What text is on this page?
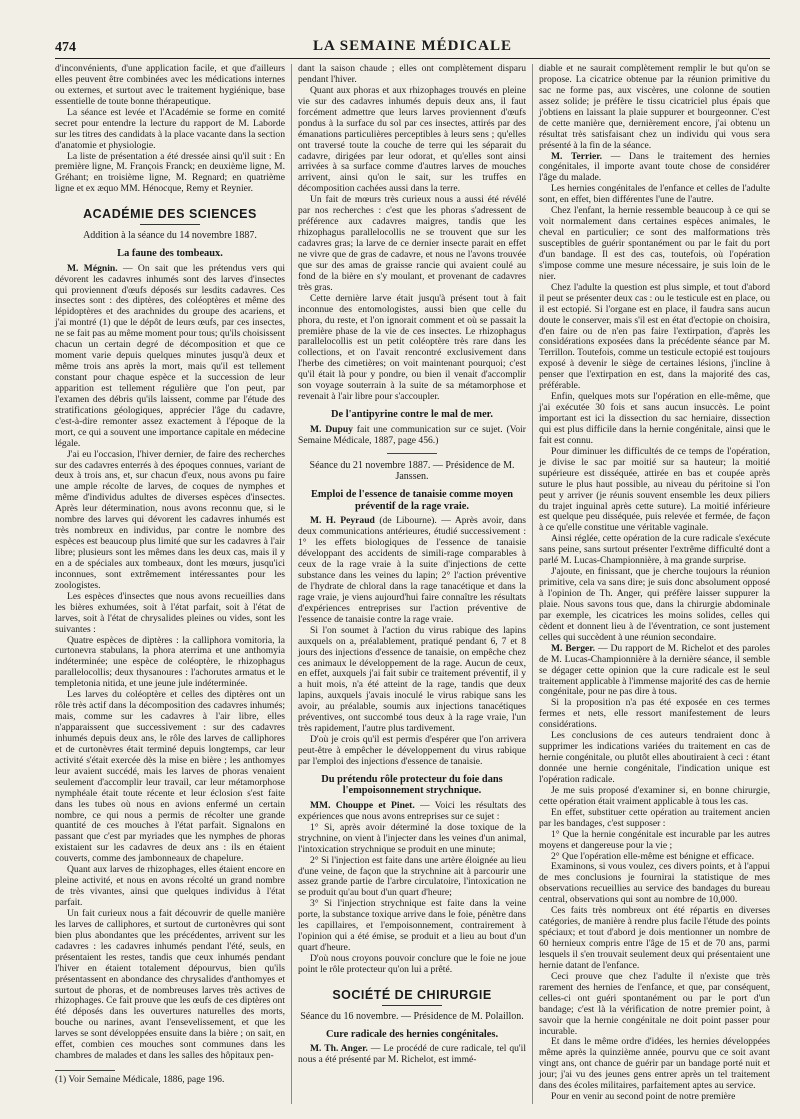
474	LA SEMAINE MÉDICALE

d'inconvénients, d'une application facile, et que d'ailleurs elles peuvent être combinées avec les médications internes ou externes, et surtout avec le traitement hygiénique, base essentielle de toute bonne thérapeutique.

La séance est levée et l'Académie se forme en comité secret pour entendre la lecture du rapport de M. Laborde sur les titres des candidats à la place vacante dans la section d'anatomie et physiologie.

La liste de présentation a été dressée ainsi qu'il suit : En première ligne, M. François Franck; en deuxième ligne, M. Gréhant; en troisième ligne, M. Regnard; en quatrième ligne et ex æquo MM. Hénocque, Remy et Reynier.

ACADÉMIE DES SCIENCES
Addition à la séance du 14 novembre 1887.
La faune des tombeaux.

M. Mégnin. — On sait que les prétendus vers qui dévorent les cadavres inhumés sont des larves d'insectes qui proviennent d'œufs déposés sur lesdits cadavres. Ces insectes sont : des diptères, des coléoptères et même des lépidoptères et des arachnides du groupe des acariens, et j'ai montré (1) que le dépôt de leurs œufs, par ces insectes, ne se fait pas au même moment pour tous; qu'ils choisissent chacun un certain degré de décomposition et que ce moment varie depuis quelques minutes jusqu'à deux et même trois ans après la mort, mais qu'il est tellement constant pour chaque espèce et la succession de leur apparition est tellement régulière que l'on peut, par l'examen des débris qu'ils laissent, comme par l'étude des stratifications géologiques, apprécier l'âge du cadavre, c'est-à-dire remonter assez exactement à l'époque de la mort, ce qui a souvent une importance capitale en médecine légale.

J'ai eu l'occasion, l'hiver dernier, de faire des recherches sur des cadavres enterrés à des époques connues, variant de deux à trois ans, et, sur chacun d'eux, nous avons pu faire une ample récolte de larves, de coques de nymphes et même d'individus adultes de diverses espèces d'insectes. Après leur détermination, nous avons reconnu que, si le nombre des larves qui dévorent les cadavres inhumés est très nombreux en individus, par contre le nombre des espèces est beaucoup plus limité que sur les cadavres à l'air libre; plusieurs sont les mêmes dans les deux cas, mais il y en a de spéciales aux tombeaux, dont les mœurs, jusqu'ici inconnues, sont extrêmement intéressantes pour les zoologistes.

Les espèces d'insectes que nous avons recueillies dans les bières exhumées, soit à l'état parfait, soit à l'état de larves, soit à l'état de chrysalides pleines ou vides, sont les suivantes :

Quatre espèces de diptères : la calliphora vomitoria, la curtonevra stabulans, la phora aterrima et une anthomyia indéterminée; une espèce de coléoptère, le rhizophagus parallelocollis; deux thysanoures : l'achorutes armatus et le templetonia nitida, et une jeune jule indéterminée.

Les larves du coléoptère et celles des diptères ont un rôle très actif dans la décomposition des cadavres inhumés; mais, comme sur les cadavres à l'air libre, elles n'apparaissent que successivement : sur des cadavres inhumés depuis deux ans, le rôle des larves de calliphores et de curtonèvres était terminé depuis longtemps, car leur activité s'était exercée dès la mise en bière ; les anthomyes leur avaient succédé, mais les larves de phoras venaient seulement d'accomplir leur travail, car leur métamorphose nymphéale était toute récente et leur éclosion s'est faite dans les tubes où nous en avions enfermé un certain nombre, ce qui nous a permis de récolter une grande quantité de ces mouches à l'état parfait. Signalons en passant que c'est par myriades que les nymphes de phoras existaient sur les cadavres de deux ans : ils en étaient couverts, comme des jambonneaux de chapelure.

Quant aux larves de rhizophages, elles étaient encore en pleine activité, et nous en avons récolté un grand nombre de très vivantes, ainsi que quelques individus à l'état parfait.

Un fait curieux nous a fait découvrir de quelle manière les larves de calliphores, et surtout de curtonèvres qui sont bien plus abondantes que les précédentes, arrivent sur les cadavres : les cadavres inhumés pendant l'été, seuls, en présentaient les restes, tandis que ceux inhumés pendant l'hiver en étaient totalement dépourvus, bien qu'ils présentassent en abondance des chrysalides d'anthomyes et surtout de phoras, et de nombreuses larves très actives de rhizophages. Ce fait prouve que les œufs de ces diptères ont été déposés dans les ouvertures naturelles des morts, bouche ou narines, avant l'ensevelissement, et que les larves se sont développées ensuite dans la bière ; on sait, en effet, combien ces mouches sont communes dans les chambres de malades et dans les salles des hôpitaux pen-

(1) Voir Semaine Médicale, 1886, page 196.

dant la saison chaude ; elles ont complètement disparu pendant l'hiver.

Quant aux phoras et aux rhizophages trouvés en pleine vie sur des cadavres inhumés depuis deux ans, il faut forcément admettre que leurs larves proviennent d'œufs pondus à la surface du sol par ces insectes, attirés par des émanations particulières perceptibles à leurs sens ; qu'elles ont traversé toute la couche de terre qui les séparait du cadavre, dirigées par leur odorat, et qu'elles sont ainsi arrivées à sa surface comme d'autres larves de mouches arrivent, ainsi qu'on le sait, sur les truffes en décomposition cachées aussi dans la terre.

Un fait de mœurs très curieux nous a aussi été révélé par nos recherches : c'est que les phoras s'adressent de préférence aux cadavres maigres, tandis que les rhizophagus parallelocollis ne se trouvent que sur les cadavres gras; la larve de ce dernier insecte parait en effet ne vivre que de gras de cadavre, et nous ne l'avons trouvée que sur des amas de graisse rancie qui avaient coulé au fond de la bière en s'y moulant, et provenant de cadavres très gras.

Cette dernière larve était jusqu'à présent tout à fait inconnue des entomologistes, aussi bien que celle du phora, du reste, et l'on ignorait comment et où se passait la première phase de la vie de ces insectes. Le rhizophagus parallelocollis est un petit coléoptère très rare dans les collections, et on l'avait rencontré exclusivement dans l'herbe des cimetières; on voit maintenant pourquoi; c'est qu'il était là pour y pondre, ou bien il venait d'accomplir son voyage souterrain à la suite de sa métamorphose et revenait à l'air libre pour s'accoupler.

De l'antipyrine contre le mal de mer.

M. Dupuy fait une communication sur ce sujet. (Voir Semaine Médicale, 1887, page 456.)

Séance du 21 novembre 1887. — Présidence de M. Janssen.
Emploi de l'essence de tanaisie comme moyen préventif de la rage vraie.

M. H. Peyraud (de Libourne). — Après avoir, dans deux communications antérieures, étudié successivement : 1° les effets biologiques de l'essence de tanaisie développant des accidents de simili-rage comparables à ceux de la rage vraie à la suite d'injections de cette substance dans les veines du lapin; 2° l'action préventive de l'hydrate de chloral dans la rage tanacétique et dans la rage vraie, je viens aujourd'hui faire connaître les résultats d'expériences entreprises sur l'action préventive de l'essence de tanaisie contre la rage vraie.

Si l'on soumet à l'action du virus rabique des lapins auxquels on a, préalablement, pratiqué pendant 6, 7 et 8 jours des injections d'essence de tanaisie, on empêche chez ces animaux le développement de la rage. Aucun de ceux, en effet, auxquels j'ai fait subir ce traitement préventif, il y a huit mois, n'a été atteint de la rage, tandis que deux lapins, auxquels j'avais inoculé le virus rabique sans les avoir, au préalable, soumis aux injections tanacétiques préventives, ont succombé tous deux à la rage vraie, l'un très rapidement, l'autre plus tardivement.

D'où je crois qu'il est permis d'espérer que l'on arrivera peut-être à empêcher le développement du virus rabique par l'emploi des injections d'essence de tanaisie.

Du prétendu rôle protecteur du foie dans l'empoisonnement strychnique.

MM. Chouppe et Pinet. — Voici les résultats des expériences que nous avons entreprises sur ce sujet :

1° Si, après avoir déterminé la dose toxique de la strychnine, on vient à l'injecter dans les veines d'un animal, l'intoxication strychnique se produit en une minute;

2° Si l'injection est faite dans une artère éloignée au lieu d'une veine, de façon que la strychnine ait à parcourir une assez grande partie de l'arbre circulatoire, l'intoxication ne se produit qu'au bout d'un quart d'heure;

3° Si l'injection strychnique est faite dans la veine porte, la substance toxique arrive dans le foie, pénètre dans les capillaires, et l'empoisonnement, contrairement à l'opinion qui a été émise, se produit et a lieu au bout d'un quart d'heure.

D'où nous croyons pouvoir conclure que le foie ne joue point le rôle protecteur qu'on lui a prêté.

SOCIÉTÉ DE CHIRURGIE
Séance du 16 novembre. — Présidence de M. Polaillon.
Cure radicale des hernies congénitales.

M. Th. Anger. — Le procédé de cure radicale, tel qu'il nous a été présenté par M. Richelot, est immé-

diable et ne saurait complètement remplir le but qu'on se propose. La cicatrice obtenue par la réunion primitive du sac ne forme pas, aux viscères, une colonne de soutien assez solide; je préfère le tissu cicatriciel plus épais que j'obtiens en laissant la plaie suppurer et bourgeonner. C'est de cette manière que, dernièrement encore, j'ai obtenu un résultat très satisfaisant chez un individu qui vous sera présenté à la fin de la séance.

M. Terrier. — Dans le traitement des hernies congénitales, il importe avant toute chose de considérer l'âge du malade.

Les hernies congénitales de l'enfance et celles de l'adulte sont, en effet, bien différentes l'une de l'autre.

Chez l'enfant, la hernie ressemble beaucoup à ce qui se voit normalement dans certaines espèces animales, le cheval en particulier; ce sont des malformations très susceptibles de guérir spontanément ou par le fait du port d'un bandage. Il est des cas, toutefois, où l'opération s'impose comme une mesure nécessaire, je suis loin de le nier.

Chez l'adulte la question est plus simple, et tout d'abord il peut se présenter deux cas : ou le testicule est en place, ou il est ectopié. Si l'organe est en place, il faudra sans aucun doute le conserver, mais s'il est en état d'ectopie on choisira, d'en faire ou de n'en pas faire l'extirpation, d'après les considérations exposées dans la précédente séance par M. Terrillon. Toutefois, comme un testicule ectopié est toujours exposé à devenir le siège de certaines lésions, j'incline à penser que l'extirpation en est, dans la majorité des cas, préférable.

Enfin, quelques mots sur l'opération en elle-même, que j'ai exécutée 30 fois et sans aucun insuccès. Le point important est ici la dissection du sac herniaire, dissection qui est plus difficile dans la hernie congénitale, ainsi que le fait est connu.

Pour diminuer les difficultés de ce temps de l'opération, je divise le sac par moitié sur sa hauteur; la moitié supérieure est disséquée, attirée en bas et coupée après suture le plus haut possible, au niveau du péritoine si l'on peut y arriver (je réunis souvent ensemble les deux piliers du trajet inguinal après cette suture). La moitié inférieure est quelque peu disséquée, puis relevée et fermée, de façon à ce qu'elle constitue une véritable vaginale.

Ainsi réglée, cette opération de la cure radicale s'exécute sans peine, sans surtout présenter l'extrême difficulté dont a parlé M. Lucas-Championnière, à ma grande surprise.

J'ajoute, en finissant, que je cherche toujours la réunion primitive, cela va sans dire; je suis donc absolument opposé à l'opinion de Th. Anger, qui préfère laisser suppurer la plaie. Nous savons tous que, dans la chirurgie abdominale par exemple, les cicatrices les moins solides, celles qui cèdent et donnent lieu à de l'éventration, ce sont justement celles qui succèdent à une réunion secondaire.

M. Berger. — Du rapport de M. Richelot et des paroles de M. Lucas-Championnière à la dernière séance, il semble se dégager cette opinion que la cure radicale est le seul traitement applicable à l'immense majorité des cas de hernie congénitale, pour ne pas dire à tous.

Si la proposition n'a pas été exposée en ces termes fermes et nets, elle ressort manifestement de leurs considérations.

Les conclusions de ces auteurs tendraient donc à supprimer les indications variées du traitement en cas de hernie congénitale, ou plutôt elles aboutiraient à ceci : étant donnée une hernie congénitale, l'indication unique est l'opération radicale.

Je me suis proposé d'examiner si, en bonne chirurgie, cette opération était vraiment applicable à tous les cas.

En effet, substituer cette opération au traitement ancien par les bandages, c'est supposer :

1° Que la hernie congénitale est incurable par les autres moyens et dangereuse pour la vie ;

2° Que l'opération elle-même est bénigne et efficace.

Examinons, si vous voulez, ces divers points, et à l'appui de mes conclusions je fournirai la statistique de mes observations recueillies au service des bandages du bureau central, observations qui sont au nombre de 10,000.

Ces faits très nombreux ont été répartis en diverses catégories, de manière à rendre plus facile l'étude des points spéciaux; et tout d'abord je dois mentionner un nombre de 60 hernieux compris entre l'âge de 15 et de 70 ans, parmi lesquels il s'en trouvait seulement deux qui présentaient une hernie datant de l'enfance.

Ceci prouve que chez l'adulte il n'existe que très rarement des hernies de l'enfance, et que, par conséquent, celles-ci ont guéri spontanément ou par le port d'un bandage; c'est là la vérification de notre premier point, à savoir que la hernie congénitale ne doit point passer pour incurable.

Et dans le même ordre d'idées, les hernies développées même après la quinzième année, pourvu que ce soit avant vingt ans, ont chance de guérir par un bandage porté nuit et jour; j'ai vu des jeunes gens entrer après un tel traitement dans des écoles militaires, parfaitement aptes au service.

Pour en venir au second point de notre première
